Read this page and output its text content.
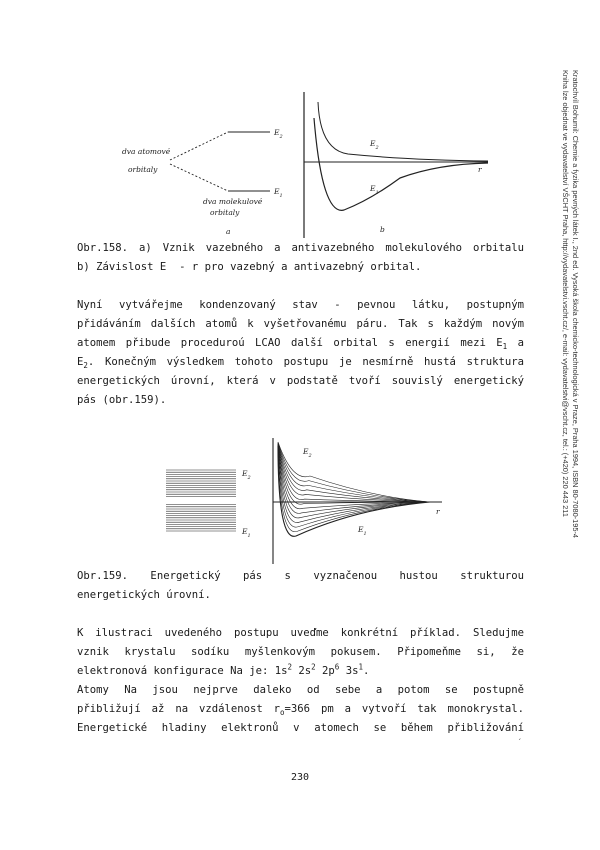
Kratochvíl Bohumil: Chemie a fyzika pevných látek I., 2nd ed. Vysoká škola chemicko-technologická v Praze, Praha 1994, ISBN 80-7080-195-4
Kniha lze objednat ve vydavatelství VŠCHT Praha, http://vydavatelstvi.vscht.cz/, e-mail: vydavatelstvi@vscht.cz, tel.: (+420) 220 443 211
dva atomové
orbitaly
dva molekulové
orbitaly
$E_2$
$E_1$
a
$E_2$
$E_1$
r
b

Obr.158. a) Vznik vazebného a antivazebného molekulového orbitalu

b) Závislost E - r pro vazebný a antivazebný orbital.

Nyní vytvářejme kondenzovaný stav - pevnou látku, postupným

přidáváním dalších atomů k vyšetřovanému páru. Tak s každým novým

atomem přibude proceduroú LCAO další orbital s energií mezi $E_1$ a

$E_2$. Konečným výsledkem tohoto postupu je nesmírně hustá struktura

energetických úrovní, která v podstatě tvoří souvislý energetický

pás (obr.159).

$E_2$
$E_1$
$E_2$
$E_1$
r

Obr.159. Energetický pás s vyznačenou hustou strukturou

energetických úrovní.

K ilustraci uvedeného postupu uveďme konkrétní příklad. Sledujme

vznik krystalu sodíku myšlenkovým pokusem. Připomeňme si, že

elektronová konfigurace Na je: $1s^2$ $2s^2$ $2p^6$ $3s^1$.

Atomy Na jsou nejprve daleko od sebe a potom se postupně

přibližují až na vzdálenost $r_o=366$ pm a vytvoří tak monokrystal.

Energetické hladiny elektronů v atomech se během přibližování

´
230
